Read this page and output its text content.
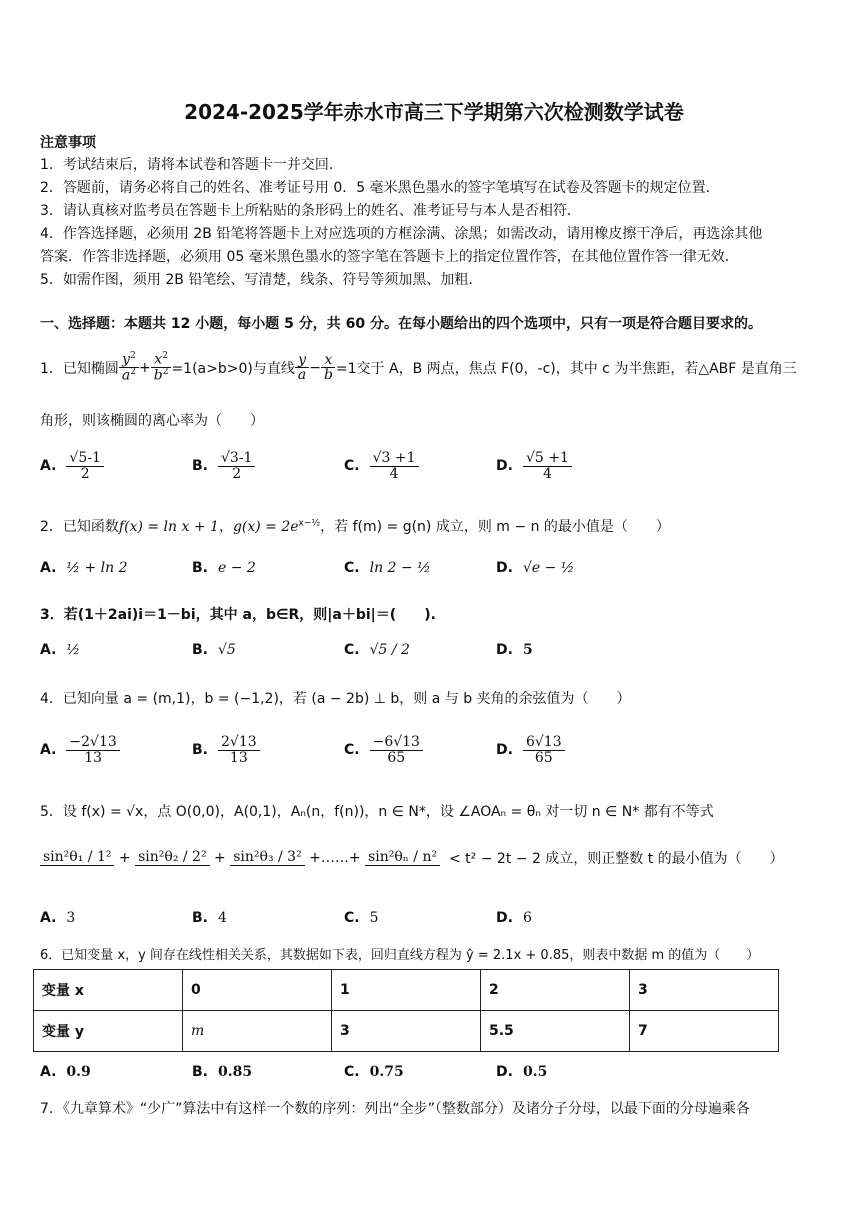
2024-2025学年赤水市高三下学期第六次检测数学试卷
注意事项
1．考试结束后，请将本试卷和答题卡一并交回．
2．答题前，请务必将自己的姓名、准考证号用 0．5 毫米黑色墨水的签字笔填写在试卷及答题卡的规定位置．
3．请认真核对监考员在答题卡上所粘贴的条形码上的姓名、准考证号与本人是否相符．
4．作答选择题，必须用 2B 铅笔将答题卡上对应选项的方框涂满、涂黑；如需改动，请用橡皮擦干净后，再选涂其他
答案．作答非选择题，必须用 05 毫米黑色墨水的签字笔在答题卡上的指定位置作答，在其他位置作答一律无效．
5．如需作图，须用 2B 铅笔绘、写清楚，线条、符号等须加黑、加粗．
一、选择题：本题共 12 小题，每小题 5 分，共 60 分。在每小题给出的四个选项中，只有一项是符合题目要求的。
1．已知椭圆 $\frac{y^2}{a^2} + \frac{x^2}{b^2} =1(a>b>0)$与直线 $\frac{y}{a} - \frac{x}{b} =1$交于 A，B 两点，焦点 F(0，-c)，其中 c 为半焦距，若△ABF 是直角三
角形，则该椭圆的离心率为（　　）
A. $\frac{√5-1}{2}$	B. $\frac{√3-1}{2}$	C. $\frac{√3 +1}{4}$	D. $\frac{√5 +1}{4}$
2．已知函数f(x) = ln x + 1，$g(x) = 2e^{x-\frac{1}{2}}$，若 f(m) = g(n) 成立，则 m − n 的最小值是（　　）
A. ½ + ln 2	B. e − 2	C. ln 2 − ½	D. √e − ½
3．若(1＋2ai)i＝1－bi，其中 a，b∈R，则|a＋bi|＝(　　).
A. ½	B. √5	C. √5 / 2	D. 5
4．已知向量 a = (m,1)，b = (−1,2)，若 (a − 2b) ⊥ b，则 a 与 b 夹角的余弦值为（　　）
A. $\frac{-2√13}{13}$	B. $\frac{2√13}{13}$	C. $\frac{-6√13}{65}$	D. $\frac{6√13}{65}$
5．设 f(x) = √x，点 O(0,0)，A(0,1)，Aₙ(n，f(n))，n ∈ N*，设 ∠AOAₙ = θₙ 对一切 n ∈ N* 都有不等式
sin²θ₁ / 1² + sin²θ₂ / 2² + sin²θ₃ / 3² +……+ sin²θₙ / n²
< t² − 2t − 2 成立，则正整数 t 的最小值为（　　）
A. 3	B. 4	C. 5	D. 6
6．已知变量 x，y 间存在线性相关关系，其数据如下表，回归直线方程为 ŷ = 2.1x + 0.85，则表中数据 m 的值为（　　）
变量 x	0	1	2	3
变量 y	m	3	5.5	7
A. 0.9	B. 0.85	C. 0.75	D. 0.5
7．《九章算术》“少广”算法中有这样一个数的序列：列出“全步”（整数部分）及诸分子分母，以最下面的分母遍乘各
